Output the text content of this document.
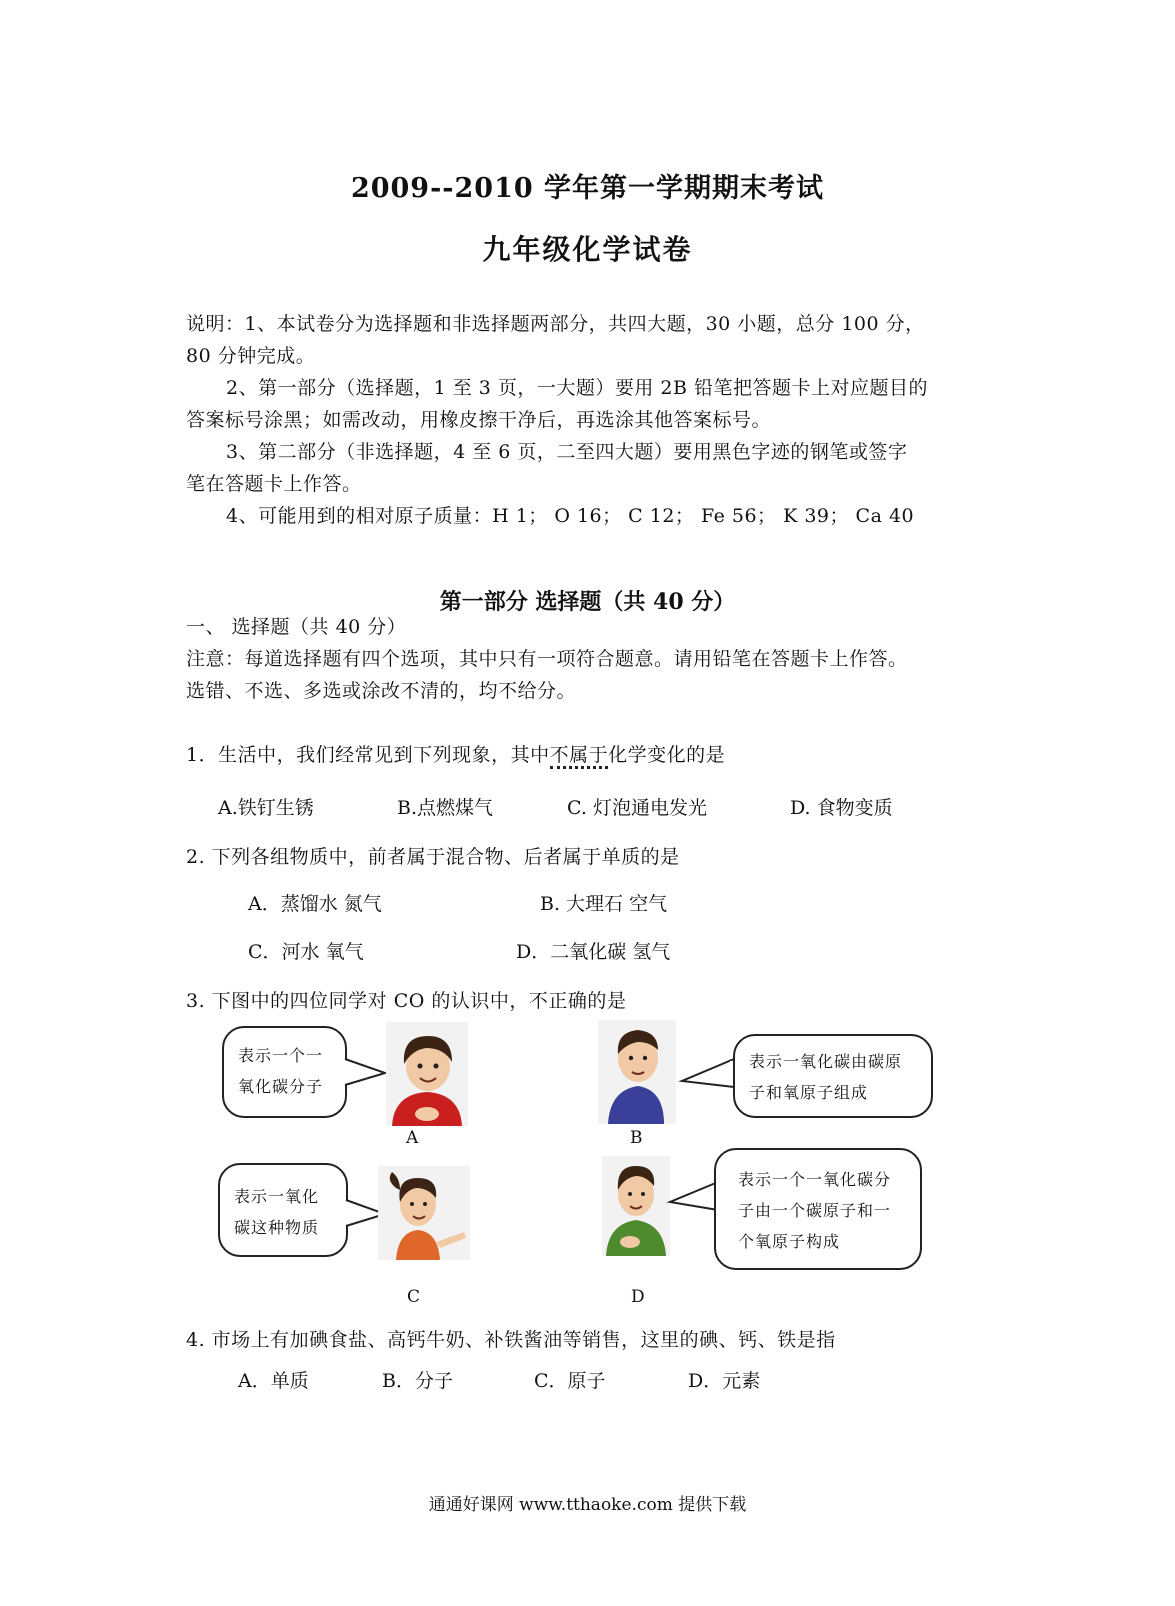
2009--2010 学年第一学期期末考试
九年级化学试卷
说明：1、本试卷分为选择题和非选择题两部分，共四大题，30 小题，总分 100 分，
80 分钟完成。
2、第一部分（选择题，1 至 3 页，一大题）要用 2B 铅笔把答题卡上对应题目的
答案标号涂黑；如需改动，用橡皮擦干净后，再选涂其他答案标号。
3、第二部分（非选择题，4 至 6 页，二至四大题）要用黑色字迹的钢笔或签字
笔在答题卡上作答。
4、可能用到的相对原子质量：H 1； O 16； C 12； Fe 56； K 39； Ca 40
第一部分 选择题（共 40 分）
一、 选择题（共 40 分）
注意：每道选择题有四个选项，其中只有一项符合题意。请用铅笔在答题卡上作答。
选错、不选、多选或涂改不清的，均不给分。
1．生活中，我们经常见到下列现象，其中不属于化学变化的是
A.铁钉生锈	B.点燃煤气	C. 灯泡通电发光	D. 食物变质
2. 下列各组物质中，前者属于混合物、后者属于单质的是
A．蒸馏水 氮气	B. 大理石 空气
C．河水 氧气	D．二氧化碳 氢气
3. 下图中的四位同学对 CO 的认识中，不正确的是
表示一个一氧化碳分子
A	B
表示一氧化碳由碳原子和氧原子组成
表示一氧化碳这种物质
C	D
表示一个一氧化碳分子由一个碳原子和一个氧原子构成
4. 市场上有加碘食盐、高钙牛奶、补铁酱油等销售，这里的碘、钙、铁是指
A．单质	B．分子	C．原子	D．元素
通通好课网 www.tthaoke.com 提供下载
